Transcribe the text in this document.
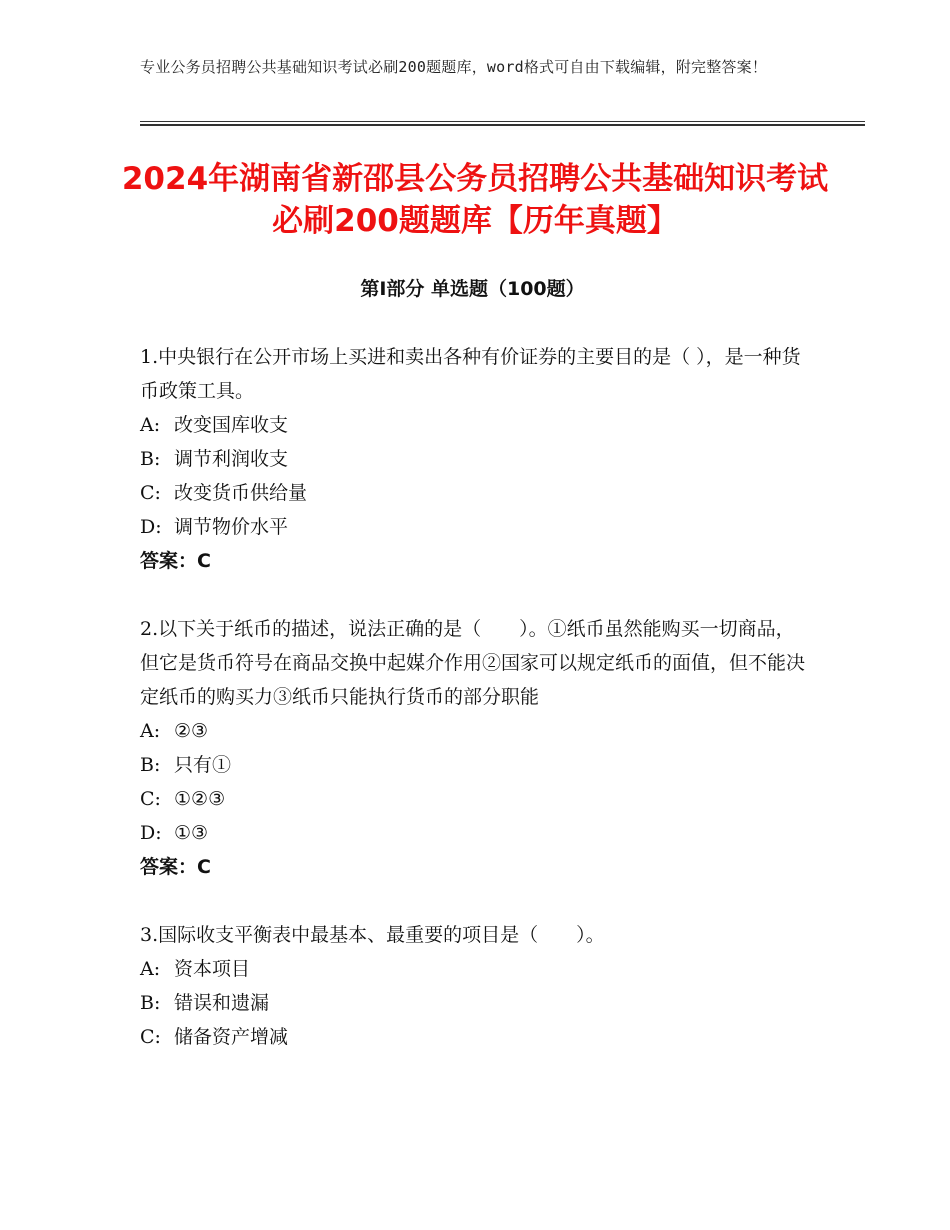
专业公务员招聘公共基础知识考试必刷200题题库，word格式可自由下载编辑，附完整答案！
2024年湖南省新邵县公务员招聘公共基础知识考试必刷200题题库【历年真题】
第Ⅰ部分 单选题（100题）
1.中央银行在公开市场上买进和卖出各种有价证券的主要目的是（ ），是一种货币政策工具。
A: 改变国库收支
B: 调节利润收支
C: 改变货币供给量
D: 调节物价水平
答案：C
2.以下关于纸币的描述，说法正确的是（　　）。①纸币虽然能购买一切商品，但它是货币符号在商品交换中起媒介作用②国家可以规定纸币的面值，但不能决定纸币的购买力③纸币只能执行货币的部分职能
A: ②③
B: 只有①
C: ①②③
D: ①③
答案：C
3.国际收支平衡表中最基本、最重要的项目是（　　）。
A: 资本项目
B: 错误和遗漏
C: 储备资产增减
